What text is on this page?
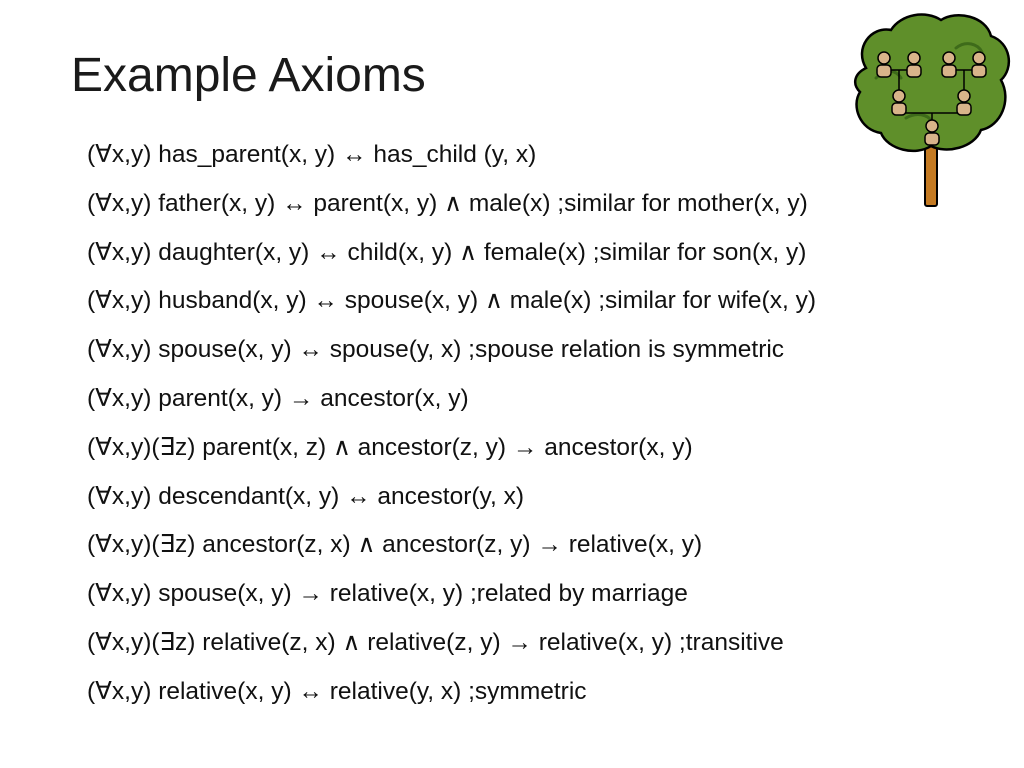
Example Axioms
(∀x,y) has_parent(x, y) ↔ has_child (y, x)
(∀x,y) father(x, y) ↔ parent(x, y) ∧ male(x) ;similar for mother(x, y)
(∀x,y) daughter(x, y) ↔ child(x, y) ∧ female(x) ;similar for son(x, y)
(∀x,y) husband(x, y) ↔ spouse(x, y) ∧ male(x) ;similar for wife(x, y)
(∀x,y) spouse(x, y) ↔ spouse(y, x) ;spouse relation is symmetric
(∀x,y) parent(x, y) → ancestor(x, y)
(∀x,y)(∃z) parent(x, z) ∧ ancestor(z, y) → ancestor(x, y)
(∀x,y) descendant(x, y) ↔ ancestor(y, x)
(∀x,y)(∃z) ancestor(z, x) ∧ ancestor(z, y) → relative(x, y)
(∀x,y) spouse(x, y) → relative(x, y) ;related by marriage
(∀x,y)(∃z) relative(z, x) ∧ relative(z, y) → relative(x, y) ;transitive
(∀x,y) relative(x, y) ↔ relative(y, x) ;symmetric
